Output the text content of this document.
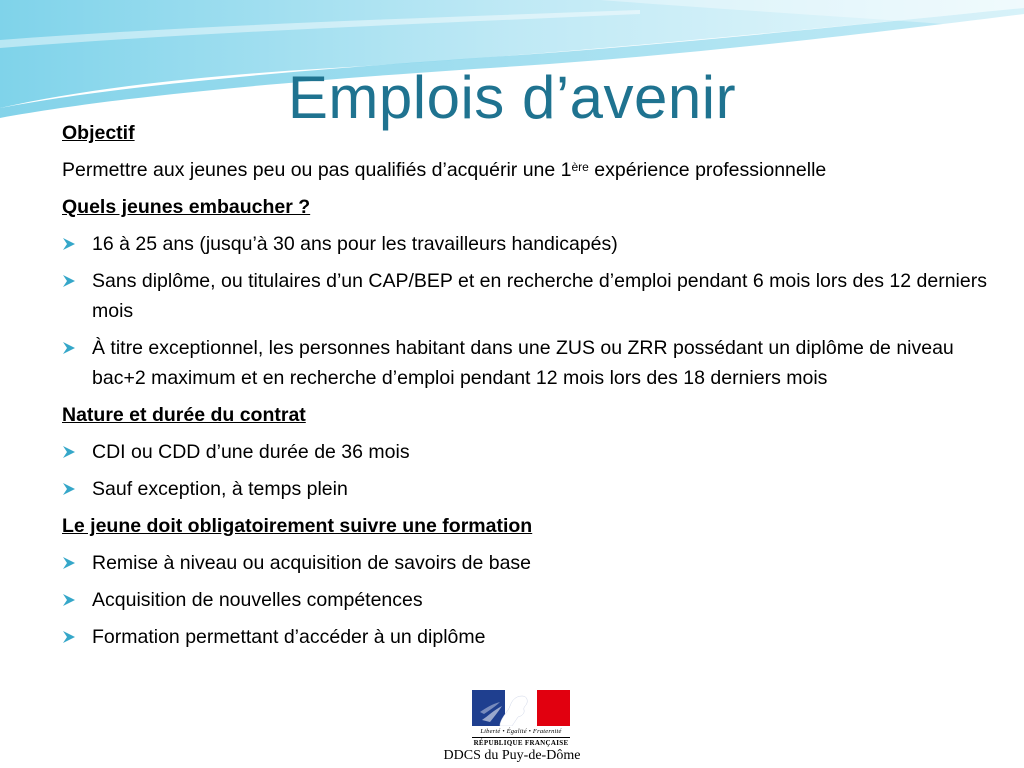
Emplois d’avenir

Objectif

Permettre aux jeunes peu ou pas qualifiés d’acquérir une 1ère expérience professionnelle

Quels jeunes embaucher ?

16 à 25 ans (jusqu’à 30 ans pour les travailleurs handicapés)
Sans diplôme, ou titulaires d’un CAP/BEP et en recherche d’emploi pendant 6 mois lors des 12 derniers mois
À titre exceptionnel, les personnes habitant dans une ZUS ou ZRR possédant un diplôme de niveau bac+2 maximum et en recherche d’emploi pendant 12 mois lors des 18 derniers mois

Nature et durée du contrat

CDI ou CDD d’une durée de 36 mois
Sauf exception, à temps plein

Le jeune doit obligatoirement suivre une formation

Remise à niveau ou acquisition de savoirs de base
Acquisition de nouvelles compétences
Formation permettant d’accéder à un diplôme
Liberté • Égalité • Fraternité
RÉPUBLIQUE FRANÇAISE
DDCS du Puy-de-Dôme
